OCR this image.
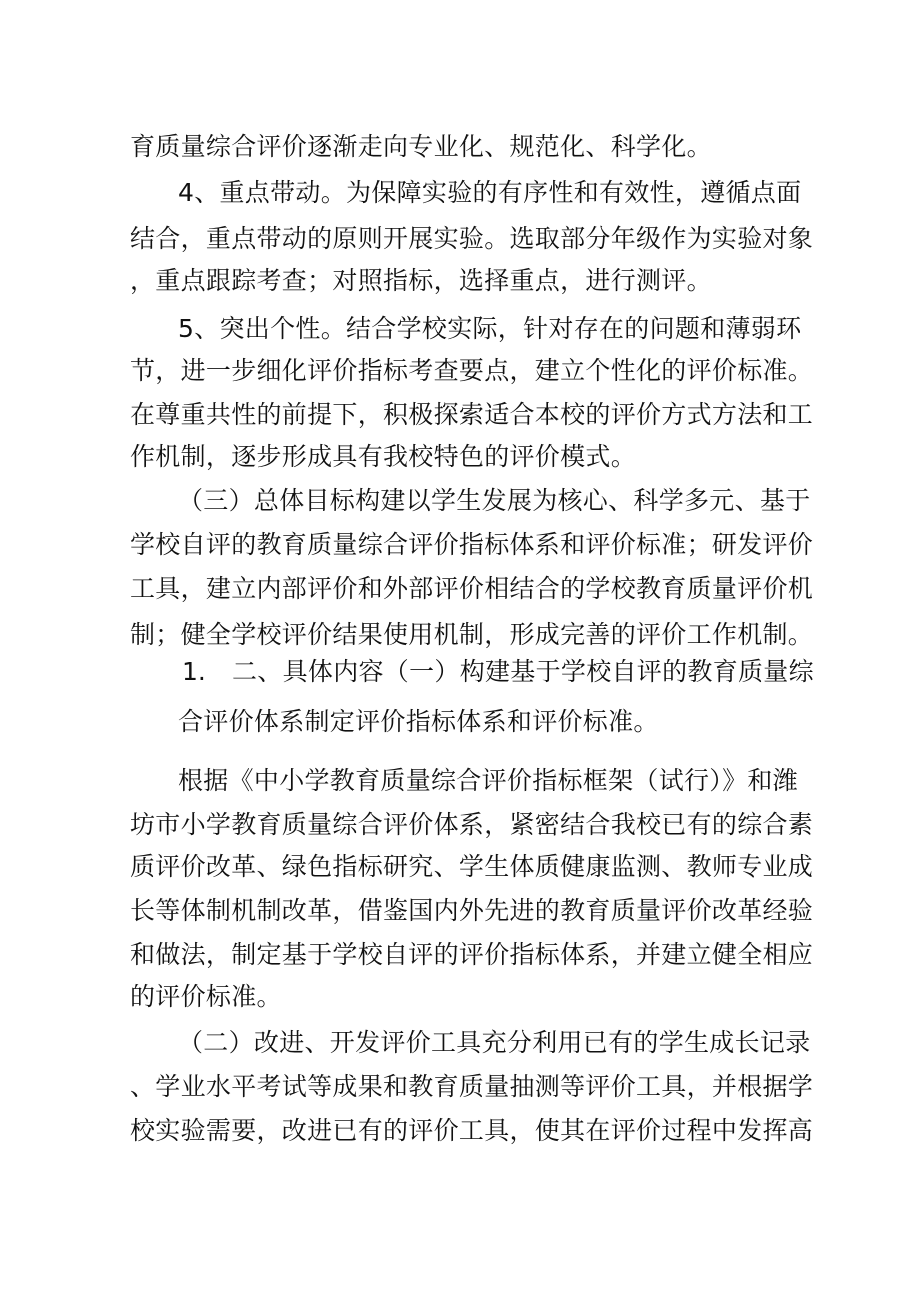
育质量综合评价逐渐走向专业化、规范化、科学化。
4、重点带动。为保障实验的有序性和有效性，遵循点面
结合，重点带动的原则开展实验。选取部分年级作为实验对象
，重点跟踪考查；对照指标，选择重点，进行测评。
5、突出个性。结合学校实际，针对存在的问题和薄弱环
节，进一步细化评价指标考查要点，建立个性化的评价标准。
在尊重共性的前提下，积极探索适合本校的评价方式方法和工
作机制，逐步形成具有我校特色的评价模式。
（三）总体目标构建以学生发展为核心、科学多元、基于
学校自评的教育质量综合评价指标体系和评价标准；研发评价
工具，建立内部评价和外部评价相结合的学校教育质量评价机
制；健全学校评价结果使用机制，形成完善的评价工作机制。
1. 二、具体内容（一）构建基于学校自评的教育质量综
合评价体系制定评价指标体系和评价标准。
根据《中小学教育质量综合评价指标框架（试行）》和潍
坊市小学教育质量综合评价体系，紧密结合我校已有的综合素
质评价改革、绿色指标研究、学生体质健康监测、教师专业成
长等体制机制改革，借鉴国内外先进的教育质量评价改革经验
和做法，制定基于学校自评的评价指标体系，并建立健全相应
的评价标准。
（二）改进、开发评价工具充分利用已有的学生成长记录
、学业水平考试等成果和教育质量抽测等评价工具，并根据学
校实验需要，改进已有的评价工具，使其在评价过程中发挥高
